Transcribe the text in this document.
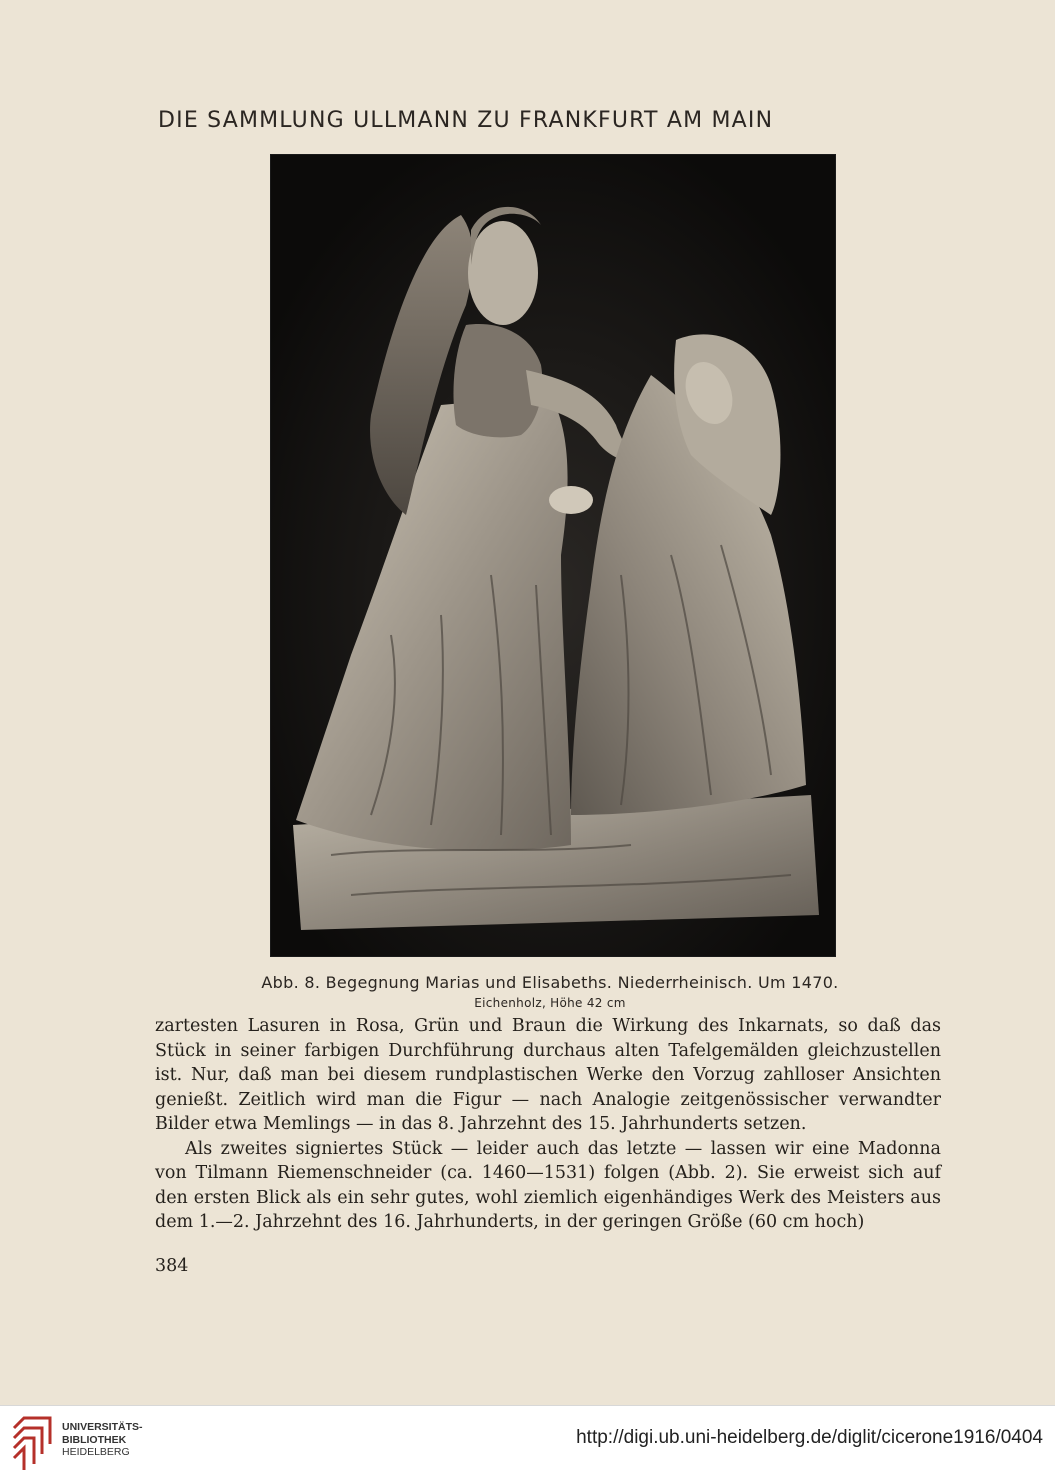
DIE SAMMLUNG ULLMANN ZU FRANKFURT AM MAIN
Abb. 8. Begegnung Marias und Elisabeths. Niederrheinisch. Um 1470.
Eichenholz, Höhe 42 cm

zartesten Lasuren in Rosa, Grün und Braun die Wirkung des Inkarnats, so daß das Stück in seiner farbigen Durchführung durchaus alten Tafelgemälden gleichzustellen ist. Nur, daß man bei diesem rundplastischen Werke den Vorzug zahlloser Ansichten genießt. Zeitlich wird man die Figur — nach Analogie zeitgenössischer verwandter Bilder etwa Memlings — in das 8. Jahrzehnt des 15. Jahrhunderts setzen.

Als zweites signiertes Stück — leider auch das letzte — lassen wir eine Madonna von Tilmann Riemenschneider (ca. 1460—1531) folgen (Abb. 2). Sie erweist sich auf den ersten Blick als ein sehr gutes, wohl ziemlich eigenhändiges Werk des Meisters aus dem 1.—2. Jahrzehnt des 16. Jahrhunderts, in der geringen Größe (60 cm hoch)

384
UNIVERSITÄTS-
BIBLIOTHEK
HEIDELBERG
http://digi.ub.uni-heidelberg.de/diglit/cicerone1916/0404
